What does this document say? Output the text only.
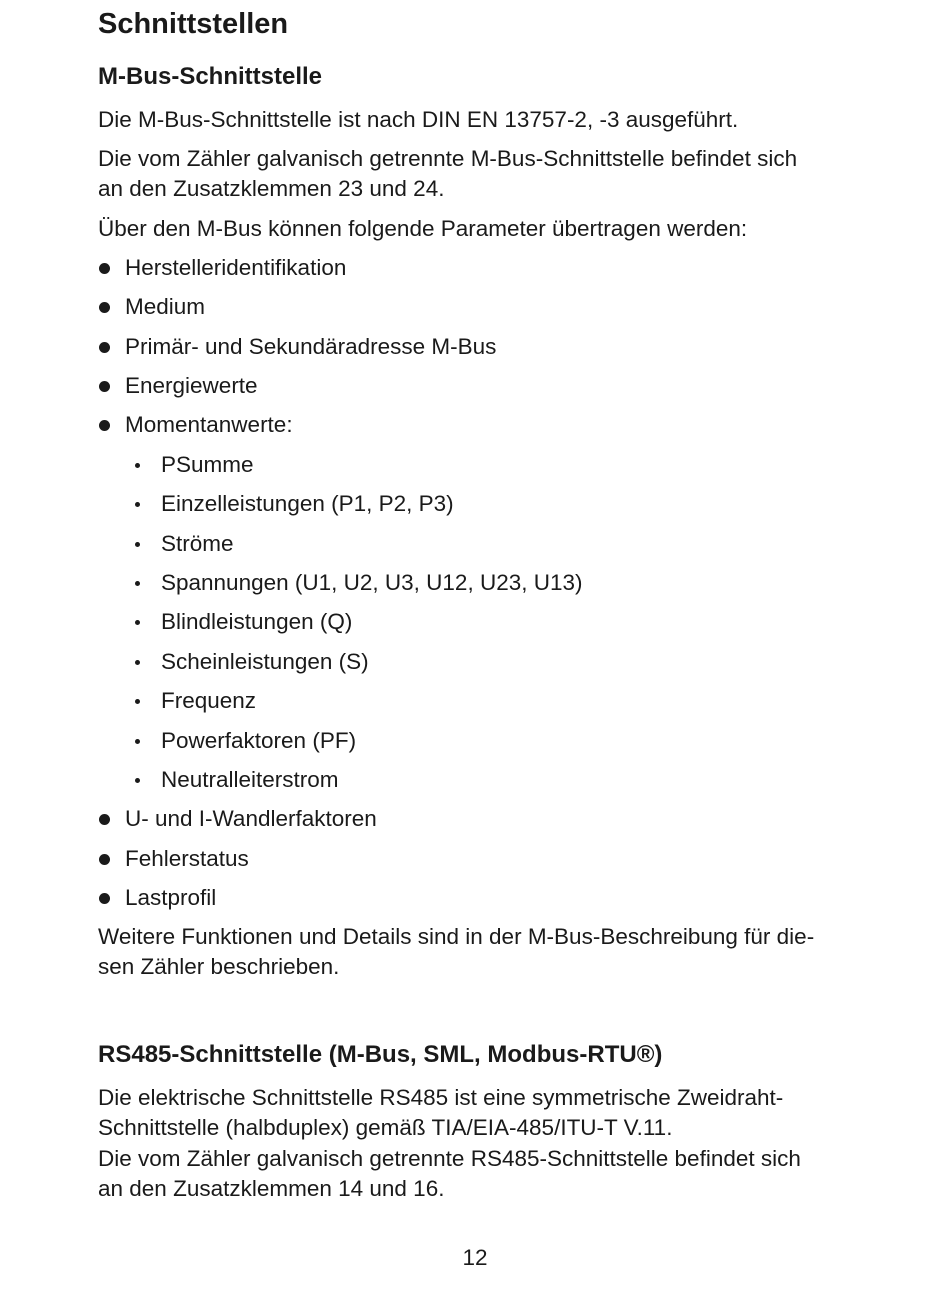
Schnittstellen
M-Bus-Schnittstelle
Die M-Bus-Schnittstelle ist nach DIN EN 13757-2, -3 ausgeführt.
Die vom Zähler galvanisch getrennte M-Bus-Schnittstelle befindet sich
an den Zusatzklemmen 23 und 24.
Über den M-Bus können folgende Parameter übertragen werden:
Herstelleridentifikation
Medium
Primär- und Sekundäradresse M-Bus
Energiewerte
Momentanwerte:
PSumme
Einzelleistungen (P1, P2, P3)
Ströme
Spannungen (U1, U2, U3, U12, U23, U13)
Blindleistungen (Q)
Scheinleistungen (S)
Frequenz
Powerfaktoren (PF)
Neutralleiterstrom
U- und I-Wandlerfaktoren
Fehlerstatus
Lastprofil
Weitere Funktionen und Details sind in der M-Bus-Beschreibung für die-
sen Zähler beschrieben.
RS485-Schnittstelle (M-Bus, SML, Modbus-RTU®)
Die elektrische Schnittstelle RS485 ist eine symmetrische Zweidraht-
Schnittstelle (halbduplex) gemäß TIA/EIA-485/ITU-T V.11.
Die vom Zähler galvanisch getrennte RS485-Schnittstelle befindet sich
an den Zusatzklemmen 14 und 16.
12
